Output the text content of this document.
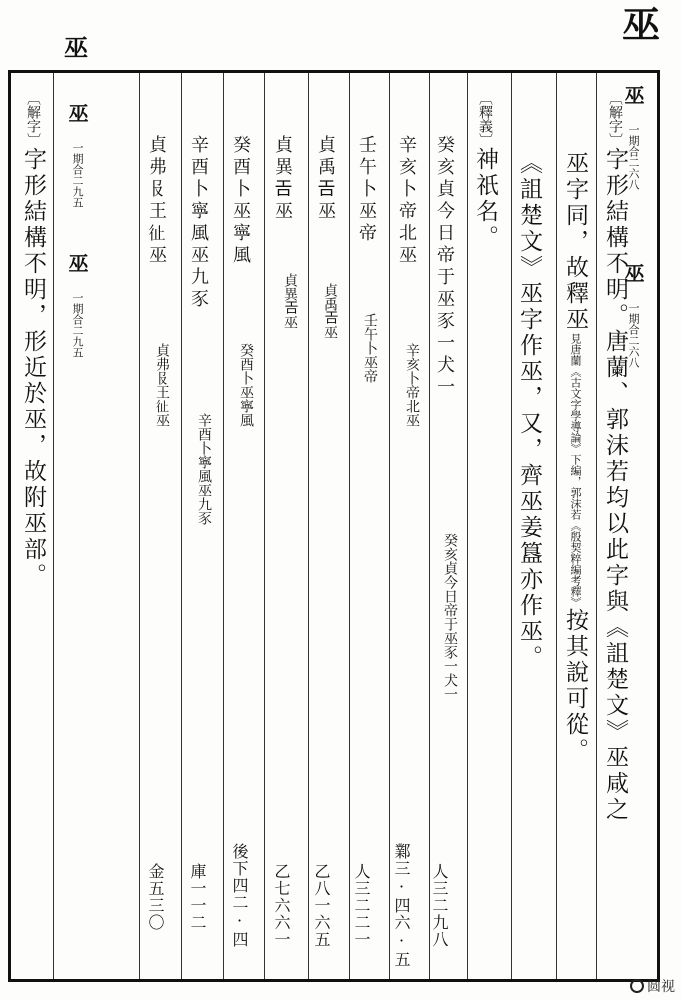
巫
巫
巫 一期合二六八
巫 一期合二六八
〔解字〕字形結構不明。唐蘭、郭沫若均以此字與《詛楚文》巫咸之
巫字同，故釋巫見唐蘭《古文字學導論》下編，郭沫若《殷契粹編考釋》按其說可從。
《詛楚文》巫字作巫，又，齊巫姜簋亦作巫。
〔釋義〕神祇名。
癸亥貞今日帝于巫豕一犬一
癸亥貞今日帝于巫豕一犬一
人三二九八
辛亥卜帝北巫
辛亥卜帝北巫
鄴三·四六·五
壬午卜巫帝
壬午卜巫帝
人三二二一
貞禹𢀛巫
貞禹𢀛巫
乙八一六五
貞異𢀛巫
貞異𢀛巫
乙七六六一
癸酉卜巫寧風
癸酉卜巫寧風
後下四二·四
辛酉卜寧風巫九豕
辛酉卜寧風巫九豕
庫一一二
貞弗𠬝王𢓊巫
貞弗𠬝王𢓊巫
金五三〇
巫 一期合二九五
巫 一期合二九五
〔解字〕字形結構不明，形近於巫，故附巫部。
圆视
